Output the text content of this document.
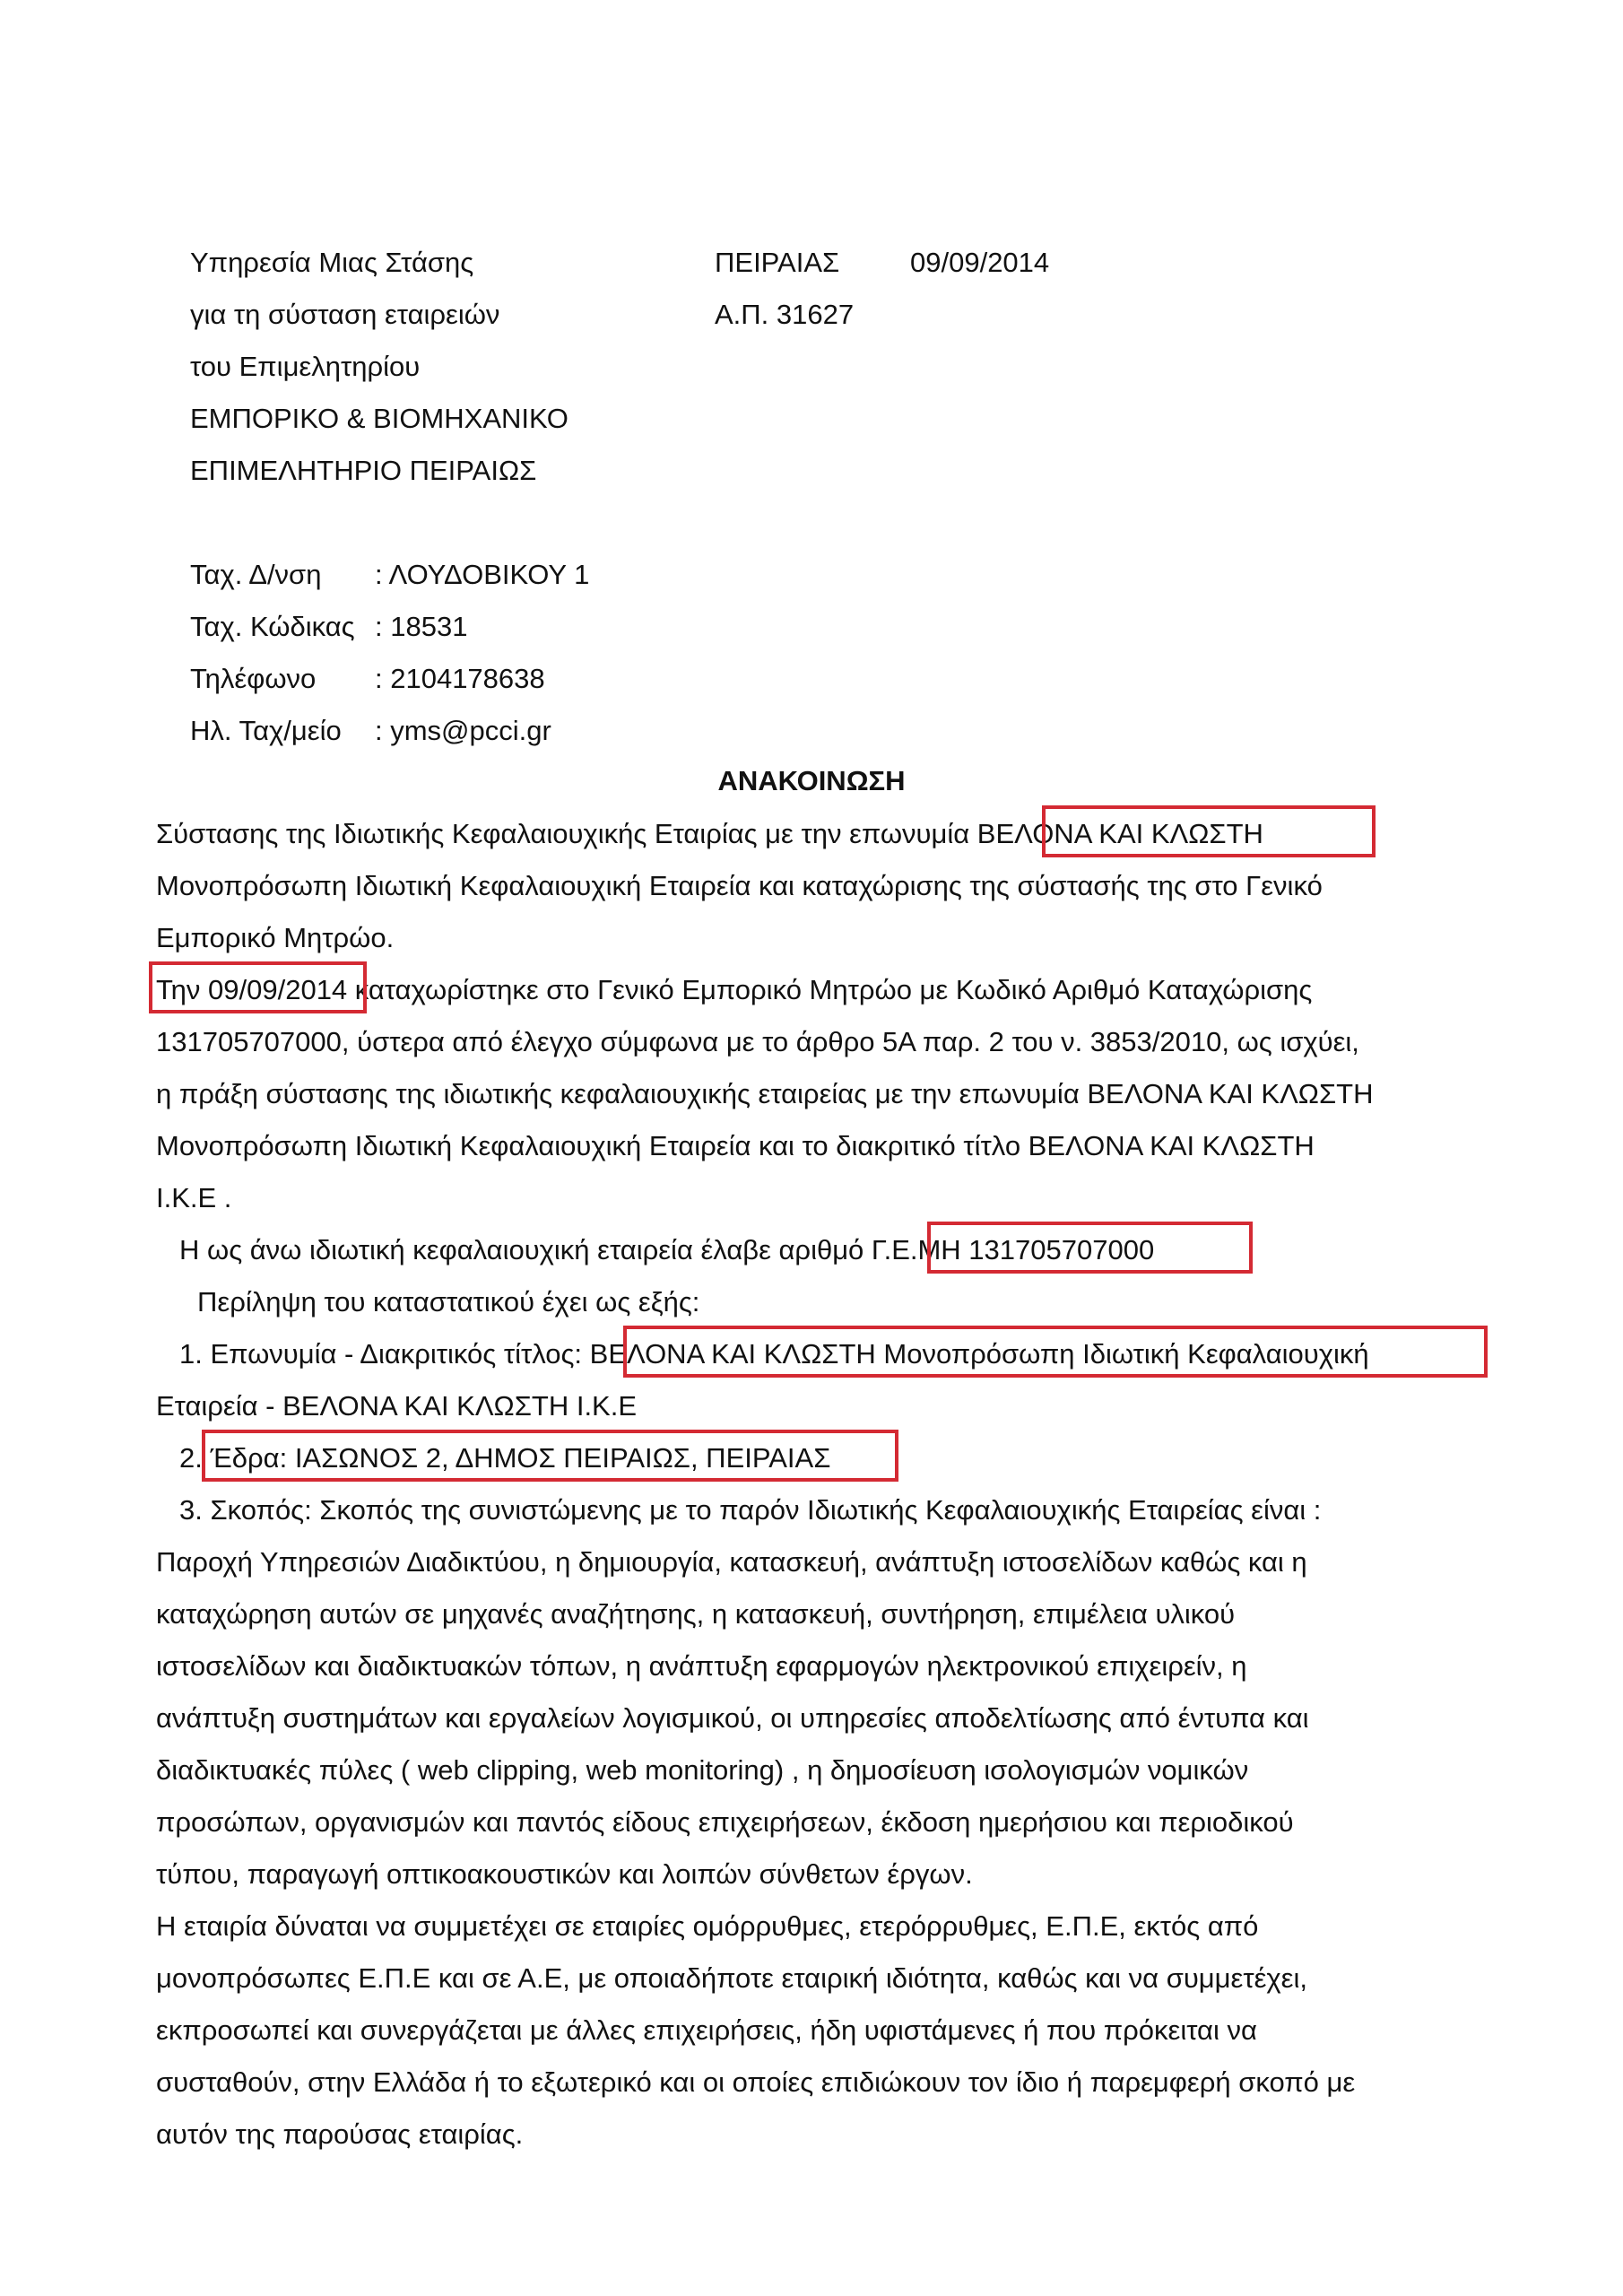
Υπηρεσία Μιας Στάσης
για τη σύσταση εταιρειών
του Επιμελητηρίου
ΕΜΠΟΡΙΚΟ & ΒΙΟΜΗΧΑΝΙΚΟ
ΕΠΙΜΕΛΗΤΗΡΙΟ ΠΕΙΡΑΙΩΣ
ΠΕΙΡΑΙΑΣ	09/09/2014
Α.Π. 31627
Ταχ. Δ/νση : ΛΟΥΔΟΒΙΚΟΥ 1
Ταχ. Κώδικας : 18531
Τηλέφωνο : 2104178638
Ηλ. Ταχ/μείο : yms@pcci.gr
ΑΝΑΚΟΙΝΩΣΗ
Σύστασης της Ιδιωτικής Κεφαλαιουχικής Εταιρίας με την επωνυμία ΒΕΛΟΝΑ ΚΑΙ ΚΛΩΣΤΗ
Μονοπρόσωπη Ιδιωτική Κεφαλαιουχική Εταιρεία και καταχώρισης της σύστασής της στο Γενικό
Εμπορικό Μητρώο.
Την 09/09/2014 καταχωρίστηκε στο Γενικό Εμπορικό Μητρώο με Κωδικό Αριθμό Καταχώρισης
131705707000, ύστερα από έλεγχο σύμφωνα με το άρθρο 5Α παρ. 2 του ν. 3853/2010, ως ισχύει,
η πράξη σύστασης της ιδιωτικής κεφαλαιουχικής εταιρείας με την επωνυμία ΒΕΛΟΝΑ ΚΑΙ ΚΛΩΣΤΗ
Μονοπρόσωπη Ιδιωτική Κεφαλαιουχική Εταιρεία και το διακριτικό τίτλο ΒΕΛΟΝΑ ΚΑΙ ΚΛΩΣΤΗ
Ι.Κ.Ε .
Η ως άνω ιδιωτική κεφαλαιουχική εταιρεία έλαβε αριθμό Γ.Ε.ΜΗ 131705707000
Περίληψη του καταστατικού έχει ως εξής:
1. Επωνυμία - Διακριτικός τίτλος: ΒΕΛΟΝΑ ΚΑΙ ΚΛΩΣΤΗ Μονοπρόσωπη Ιδιωτική Κεφαλαιουχική
Εταιρεία - ΒΕΛΟΝΑ ΚΑΙ ΚΛΩΣΤΗ Ι.Κ.Ε
2. Έδρα: ΙΑΣΩΝΟΣ 2, ΔΗΜΟΣ ΠΕΙΡΑΙΩΣ, ΠΕΙΡΑΙΑΣ
3. Σκοπός: Σκοπός της συνιστώμενης με το παρόν Ιδιωτικής Κεφαλαιουχικής Εταιρείας είναι :
Παροχή Υπηρεσιών Διαδικτύου, η δημιουργία, κατασκευή, ανάπτυξη ιστοσελίδων καθώς και η
καταχώρηση αυτών σε μηχανές αναζήτησης, η κατασκευή, συντήρηση, επιμέλεια υλικού
ιστοσελίδων και διαδικτυακών τόπων, η ανάπτυξη εφαρμογών ηλεκτρονικού επιχειρείν, η
ανάπτυξη συστημάτων και εργαλείων λογισμικού, οι υπηρεσίες αποδελτίωσης από έντυπα και
διαδικτυακές πύλες ( web clipping, web monitoring) , η δημοσίευση ισολογισμών νομικών
προσώπων, οργανισμών και παντός είδους επιχειρήσεων, έκδοση ημερήσιου και περιοδικού
τύπου, παραγωγή οπτικοακουστικών και λοιπών σύνθετων έργων.
Η εταιρία δύναται να συμμετέχει σε εταιρίες ομόρρυθμες, ετερόρρυθμες, Ε.Π.Ε, εκτός από
μονοπρόσωπες Ε.Π.Ε και σε Α.Ε, με οποιαδήποτε εταιρική ιδιότητα, καθώς και να συμμετέχει,
εκπροσωπεί και συνεργάζεται με άλλες επιχειρήσεις, ήδη υφιστάμενες ή που πρόκειται να
συσταθούν, στην Ελλάδα ή το εξωτερικό και οι οποίες επιδιώκουν τον ίδιο ή παρεμφερή σκοπό με
αυτόν της παρούσας εταιρίας.
